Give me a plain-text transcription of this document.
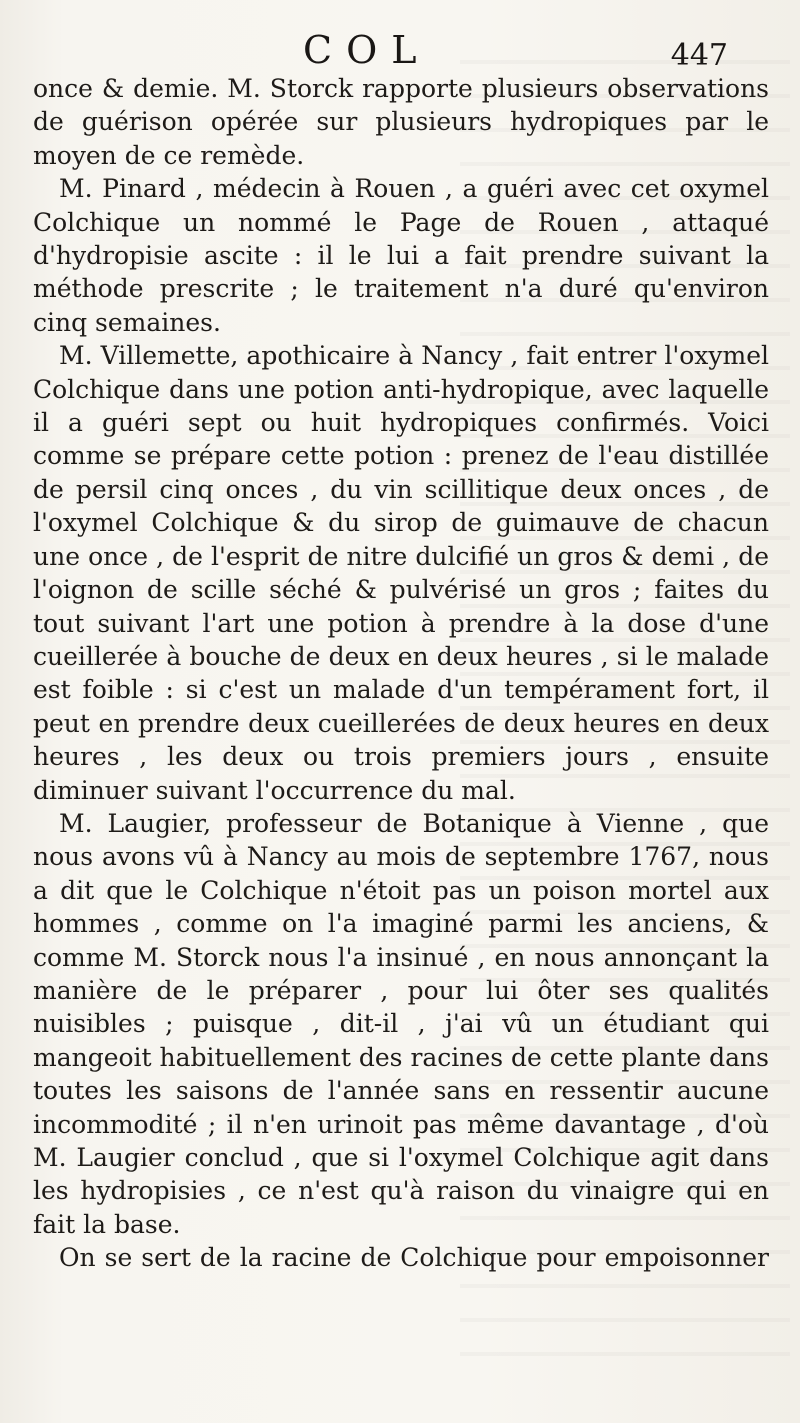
COL	447

once & demie. M. Storck rapporte plusieurs observations de guérison opérée sur plusieurs hydropiques par le moyen de ce remède.

M. Pinard , médecin à Rouen , a guéri avec cet oxymel Colchique un nommé le Page de Rouen , attaqué d'hydropisie ascite : il le lui a fait prendre suivant la méthode prescrite ; le traitement n'a duré qu'environ cinq semaines.

M. Villemette, apothicaire à Nancy , fait entrer l'oxymel Colchique dans une potion anti-hydropique, avec laquelle il a guéri sept ou huit hydropiques confirmés. Voici comme se prépare cette potion : prenez de l'eau distillée de persil cinq onces , du vin scillitique deux onces , de l'oxymel Colchique & du sirop de guimauve de chacun une once , de l'esprit de nitre dulcifié un gros & demi , de l'oignon de scille séché & pulvérisé un gros ; faites du tout suivant l'art une potion à prendre à la dose d'une cueillerée à bouche de deux en deux heures , si le malade est foible : si c'est un malade d'un tempérament fort, il peut en prendre deux cueillerées de deux heures en deux heures , les deux ou trois premiers jours , ensuite diminuer suivant l'occurrence du mal.

M. Laugier, professeur de Botanique à Vienne , que nous avons vû à Nancy au mois de septembre 1767, nous a dit que le Colchique n'étoit pas un poison mortel aux hommes , comme on l'a imaginé parmi les anciens, & comme M. Storck nous l'a insinué , en nous annonçant la manière de le préparer , pour lui ôter ses qualités nuisibles ; puisque , dit-il , j'ai vû un étudiant qui mangeoit habituellement des racines de cette plante dans toutes les saisons de l'année sans en ressentir aucune incommodité ; il n'en urinoit pas même davantage , d'où M. Laugier conclud , que si l'oxymel Colchique agit dans les hydropisies , ce n'est qu'à raison du vinaigre qui en fait la base.

On se sert de la racine de Colchique pour empoisonner
